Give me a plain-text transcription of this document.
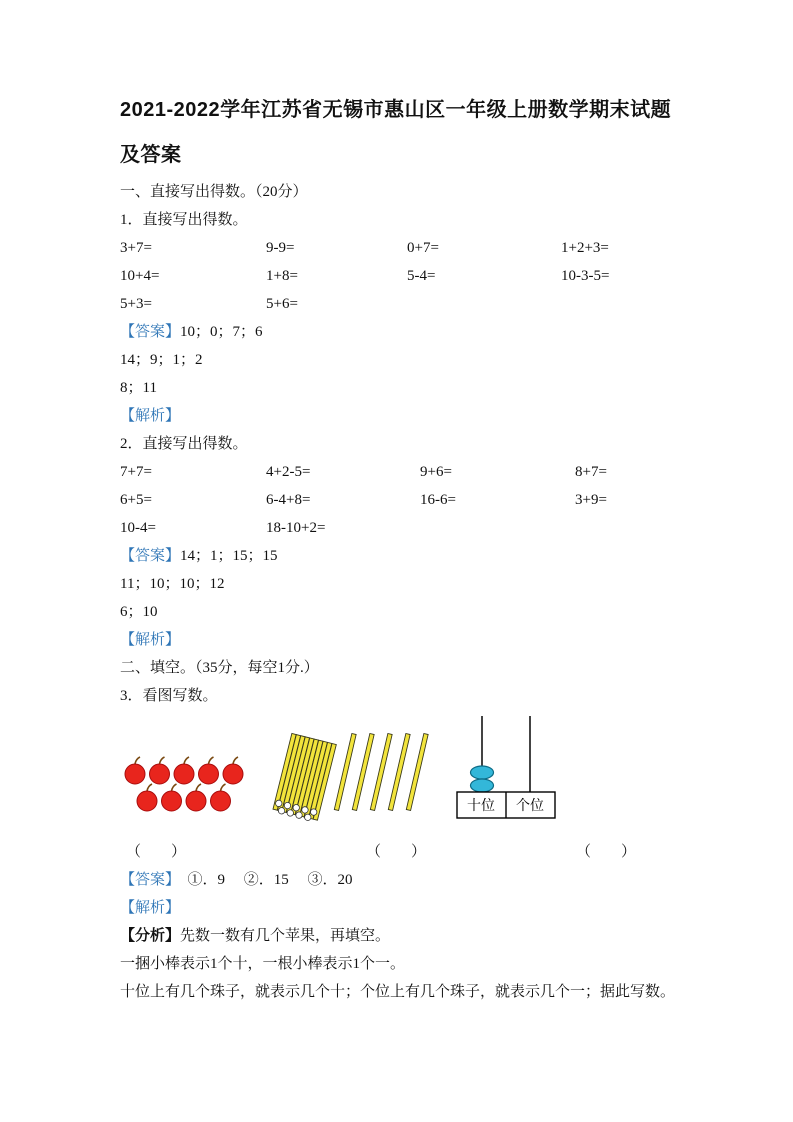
2021-2022学年江苏省无锡市惠山区一年级上册数学期末试题及答案

一、直接写出得数。（20分）

1．直接写出得数。

3+7=	9-9=	0+7=	1+2+3=
10+4=	1+8=	5-4=	10-3-5=
5+3=	5+6=

【答案】10；0；7；6

14；9；1；2

8；11

【解析】

2．直接写出得数。

7+7=	4+2-5=	9+6=	8+7=
6+5=	6-4+8=	16-6=	3+9=
10-4=	18-10+2=

【答案】14；1；15；15

11；10；10；12

6；10

【解析】

二、填空。（35分，每空1分.）

3．看图写数。

十位 个位
（　　）	（　　）	（　　）

【答案】　①．9　 ②．15　 ③．20

【解析】

【分析】先数一数有几个苹果，再填空。

一捆小棒表示1个十，一根小棒表示1个一。

十位上有几个珠子，就表示几个十；个位上有几个珠子，就表示几个一；据此写数。
